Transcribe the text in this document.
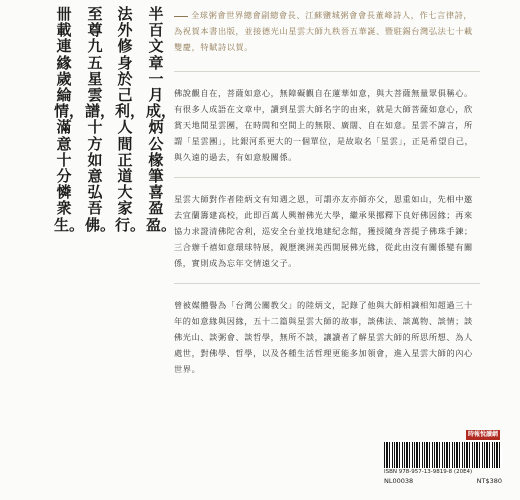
半百文章一月成，炳公椽筆喜盈盈。
法外修身於己利，人間正道大家行。
至尊九五星雲譜，十方如意弘吾佛。
卌載連緣歲綸情，滿意十分憐衆生。

全球粥會世界總會副總會長、江蘇鹽城粥會會長董峰詩人，作七言律詩，為祝賀本書出版，並接德光山星雲大師九秩晉五華誕、暨駐錫台灣弘法七十載雙慶，特賦詩以賀。

佛說觀自在，菩薩如意心，無障礙觀自在蓮華如意，與大菩薩無量眾俱稱心。有很多人成語在文章中，讀到星雲大師名字的由來，就是大師菩薩如意心，欣賞天地間星雲團，在時間和空間上的無限、廣闊、自在如意。星雲不諱言，所謂「星雲團」，比銀河系更大的一個單位，是故取名「星雲」，正是希望自己，與久遠的過去，有如意般關係。

星雲大師對作者陸炳文有知遇之恩，可謂亦友亦師亦父，恩重如山，先相中邀去宜蘭籌建高校，此即百萬人興辦佛光大學，繼承果挪釋下良好佛因緣；再來協力求證清佛陀舍利，巡安全台並找地建紀念館，獲授隨身菩提子佛珠手鍊；三合辦千禧如意環球特展，親歷澳洲美西開展佛光緣，從此由沒有關係變有關係，實則成為忘年交情遠父子。

曾被媒體譽為「台灣公關教父」的陸炳文，記錄了他與大師相識相知超過三十年的如意緣與因緣，五十二篇與星雲大師的故事，談佛法、談萬物、談情；談佛光山、談粥會、談哲學，無所不談，讓讀者了解星雲大師的所思所想、為人處世，對佛學、哲學，以及各種生活哲理更能多加領會，進入星雲大師的內心世界。

時報悅讀網
ISBN 978-957-13-9819-8 (20E4)
NL00038	NT$380
